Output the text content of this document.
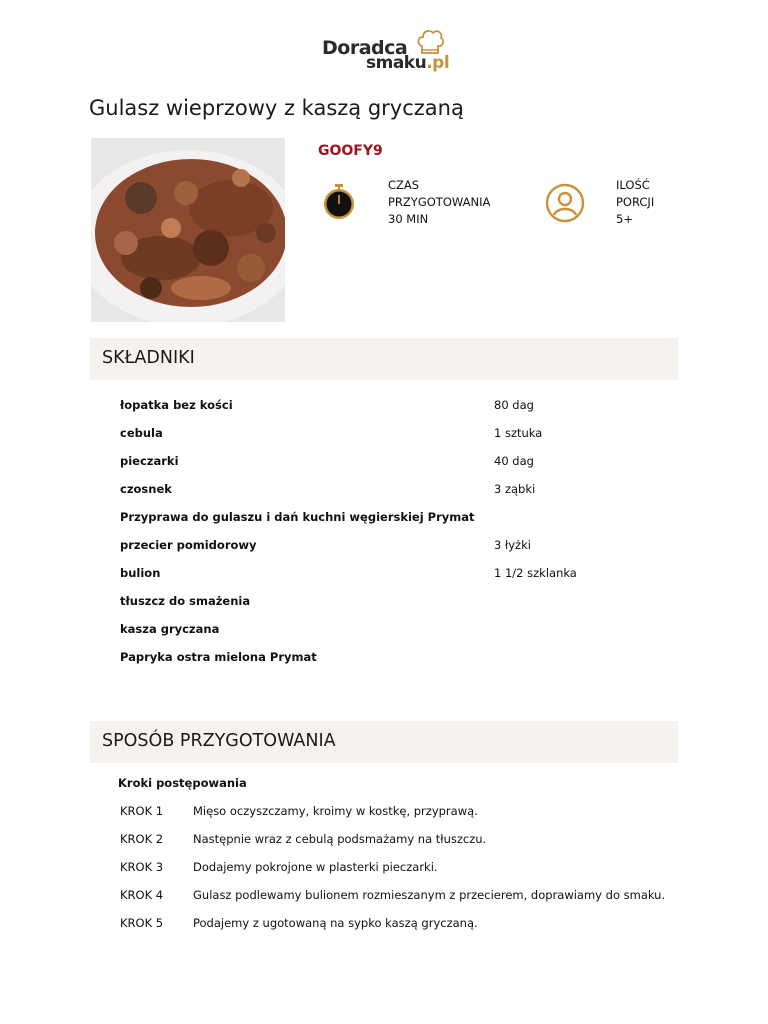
Doradca
smaku.pl
Gulasz wieprzowy z kaszą gryczaną
GOOFY9
CZAS
PRZYGOTOWANIA
30 MIN
ILOŚĆ
PORCJI
5+
SKŁADNIKI
łopatka bez kości	80 dag
cebula	1 sztuka
pieczarki	40 dag
czosnek	3 ząbki
Przyprawa do gulaszu i dań kuchni węgierskiej Prymat
przecier pomidorowy	3 łyżki
bulion	1 1/2 szklanka
tłuszcz do smażenia
kasza gryczana
Papryka ostra mielona Prymat
SPOSÓB PRZYGOTOWANIA
Kroki postępowania
KROK 1	Mięso oczyszczamy, kroimy w kostkę, przyprawą.
KROK 2	Następnie wraz z cebulą podsmażamy na tłuszczu.
KROK 3	Dodajemy pokrojone w plasterki pieczarki.
KROK 4	Gulasz podlewamy bulionem rozmieszanym z przecierem, doprawiamy do smaku.
KROK 5	Podajemy z ugotowaną na sypko kaszą gryczaną.
